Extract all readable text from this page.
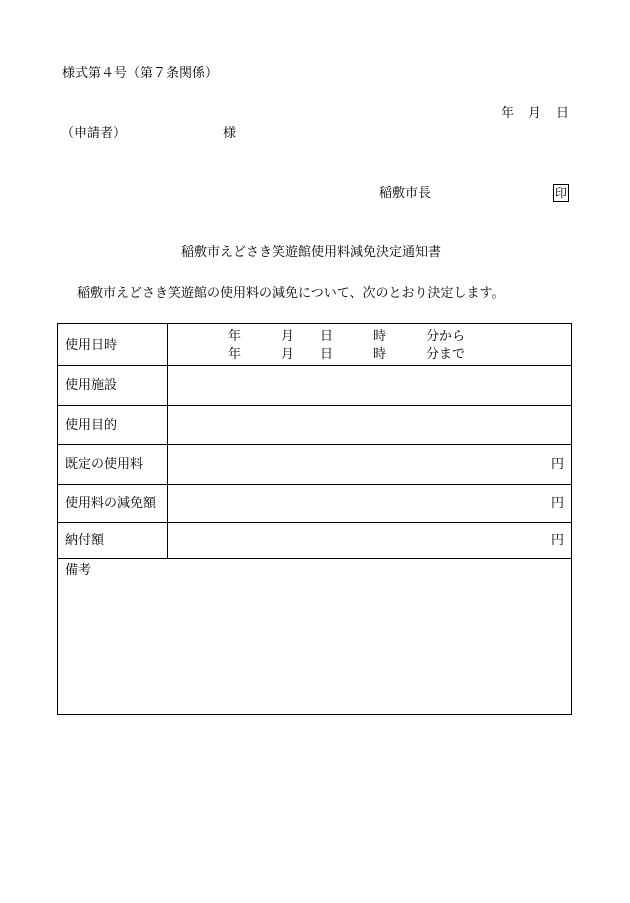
様式第４号（第７条関係）
年 月 日
（申請者）	様
稲敷市長	印
稲敷市えどさき笑遊館使用料減免決定通知書
稲敷市えどさき笑遊館の使用料の減免について、次のとおり決定します。
使用日時
年	月 日	時	分から
年	月 日	時	分まで
使用施設
使用目的
既定の使用料	円
使用料の減免額	円
納付額	円
備考
